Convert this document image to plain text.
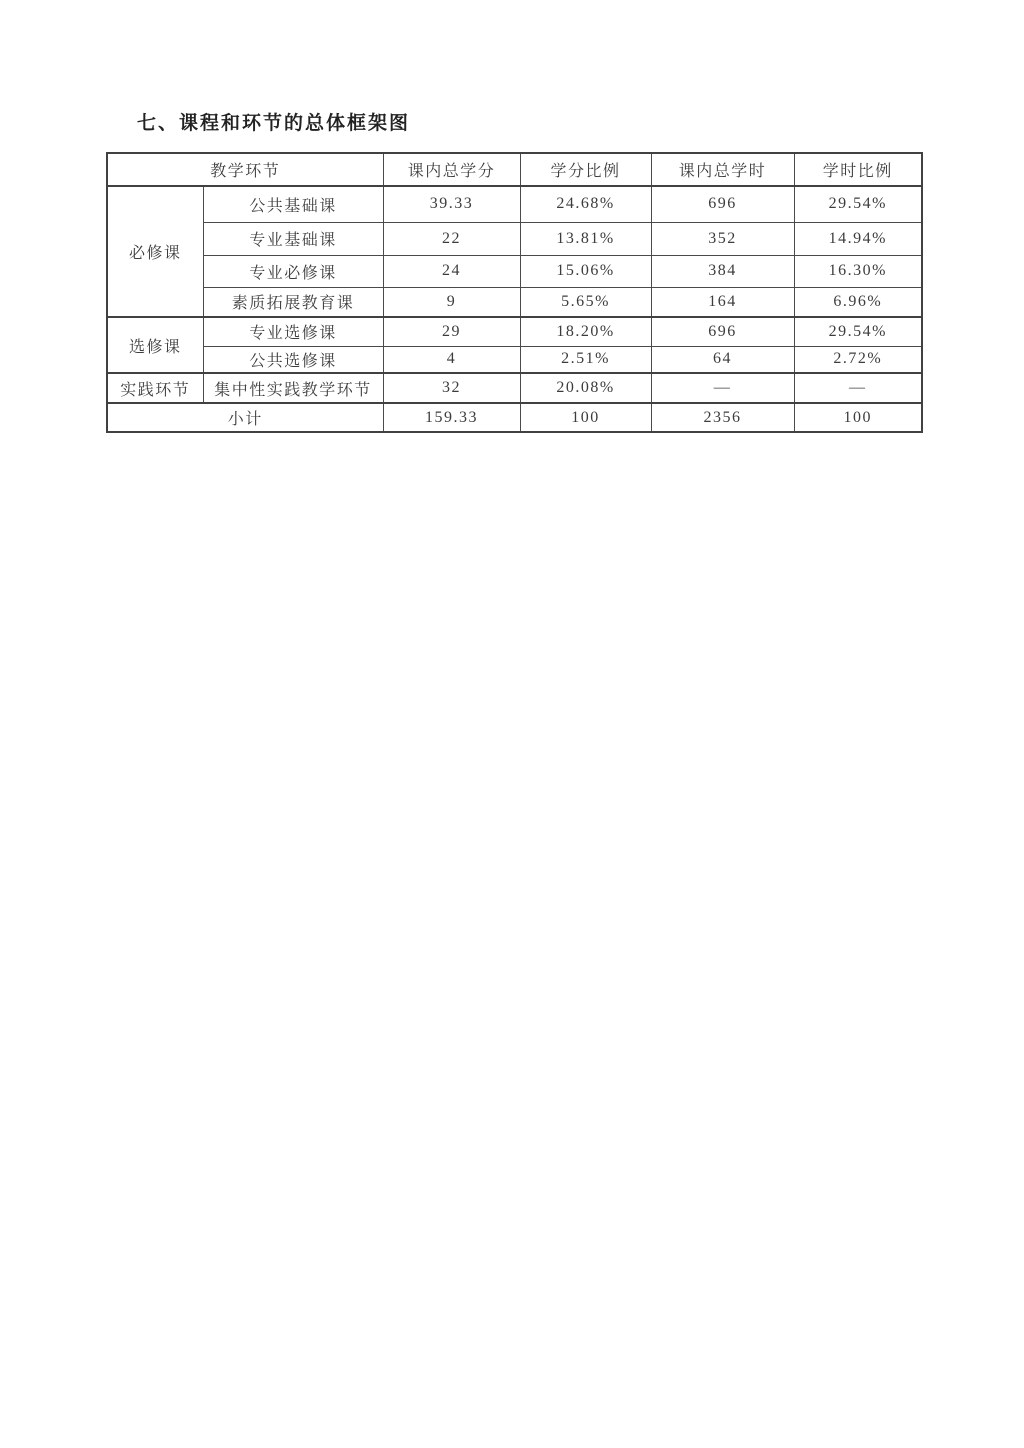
七、课程和环节的总体框架图
教学环节		课内总学分	学分比例	课内总学时	学时比例
必修课	公共基础课	39.33	24.68%	696	29.54%
	专业基础课	22	13.81%	352	14.94%
	专业必修课	24	15.06%	384	16.30%
	素质拓展教育课	9	5.65%	164	6.96%
选修课	专业选修课	29	18.20%	696	29.54%
	公共选修课	4	2.51%	64	2.72%
实践环节	集中性实践教学环节	32	20.08%	—	—
小计		159.33	100	2356	100
